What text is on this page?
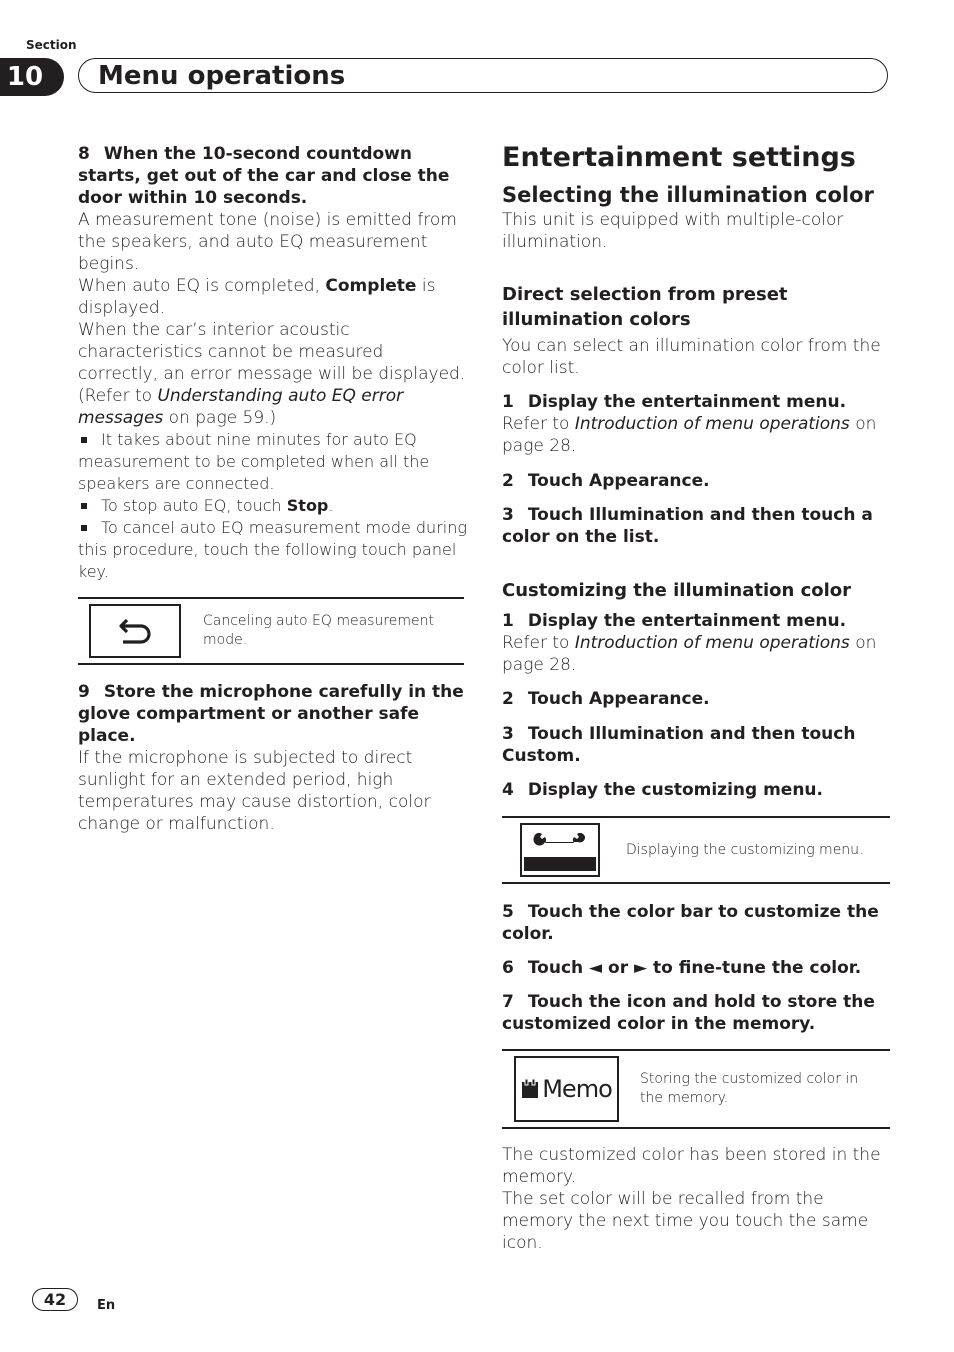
Section
10	Menu operations

8 When the 10-second countdown starts, get out of the car and close the door within 10 seconds.

A measurement tone (noise) is emitted from the speakers, and auto EQ measurement begins.

When auto EQ is completed, Complete is displayed.

When the car’s interior acoustic characteristics cannot be measured correctly, an error message will be displayed. (Refer to Understanding auto EQ error messages on page 59.)

It takes about nine minutes for auto EQ measurement to be completed when all the speakers are connected.

To stop auto EQ, touch Stop.

To cancel auto EQ measurement mode during this procedure, touch the following touch panel key.

Canceling auto EQ measurement mode.

9 Store the microphone carefully in the glove compartment or another safe place.

If the microphone is subjected to direct sunlight for an extended period, high temperatures may cause distortion, color change or malfunction.

Entertainment settings

Selecting the illumination color

This unit is equipped with multiple-color illumination.

Direct selection from preset illumination colors

You can select an illumination color from the color list.

1 Display the entertainment menu.

Refer to Introduction of menu operations on page 28.

2 Touch Appearance.

3 Touch Illumination and then touch a color on the list.

Customizing the illumination color

1 Display the entertainment menu.

Refer to Introduction of menu operations on page 28.

2 Touch Appearance.

3 Touch Illumination and then touch Custom.

4 Display the customizing menu.

Displaying the customizing menu.

5 Touch the color bar to customize the color.

6 Touch ◄ or ► to fine-tune the color.

7 Touch the icon and hold to store the customized color in the memory.

Memo Storing the customized color in the memory.

The customized color has been stored in the memory.

The set color will be recalled from the memory the next time you touch the same icon.

42	En
